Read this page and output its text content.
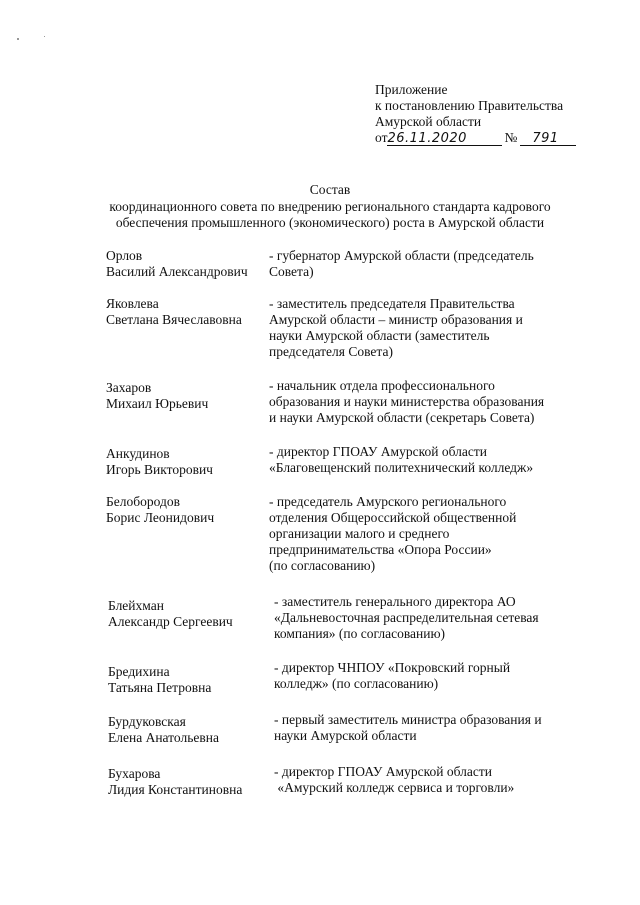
Приложение
к постановлению Правительства
Амурской области
от26.11.2020	№ 791
Состав
координационного совета по внедрению регионального стандарта кадрового
обеспечения промышленного (экономического) роста в Амурской области
Орлов
Василий Александрович
- губернатор Амурской области (председатель
Совета)
Яковлева
Светлана Вячеславовна
- заместитель председателя Правительства
Амурской области – министр образования и
науки Амурской области (заместитель
председателя Совета)
Захаров
Михаил Юрьевич
- начальник отдела профессионального
образования и науки министерства образования
и науки Амурской области (секретарь Совета)
Анкудинов
Игорь Викторович
- директор ГПОАУ Амурской области
«Благовещенский политехнический колледж»
Белобородов
Борис Леонидович
- председатель Амурского регионального
отделения Общероссийской общественной
организации малого и среднего
предпринимательства «Опора России»
(по согласованию)
Блейхман
Александр Сергеевич
- заместитель генерального директора АО
«Дальневосточная распределительная сетевая
компания» (по согласованию)
Бредихина
Татьяна Петровна
- директор ЧНПОУ «Покровский горный
колледж» (по согласованию)
Бурдуковская
Елена Анатольевна
- первый заместитель министра образования и
науки Амурской области
Бухарова
Лидия Константиновна
- директор ГПОАУ Амурской области
«Амурский колледж сервиса и торговли»
